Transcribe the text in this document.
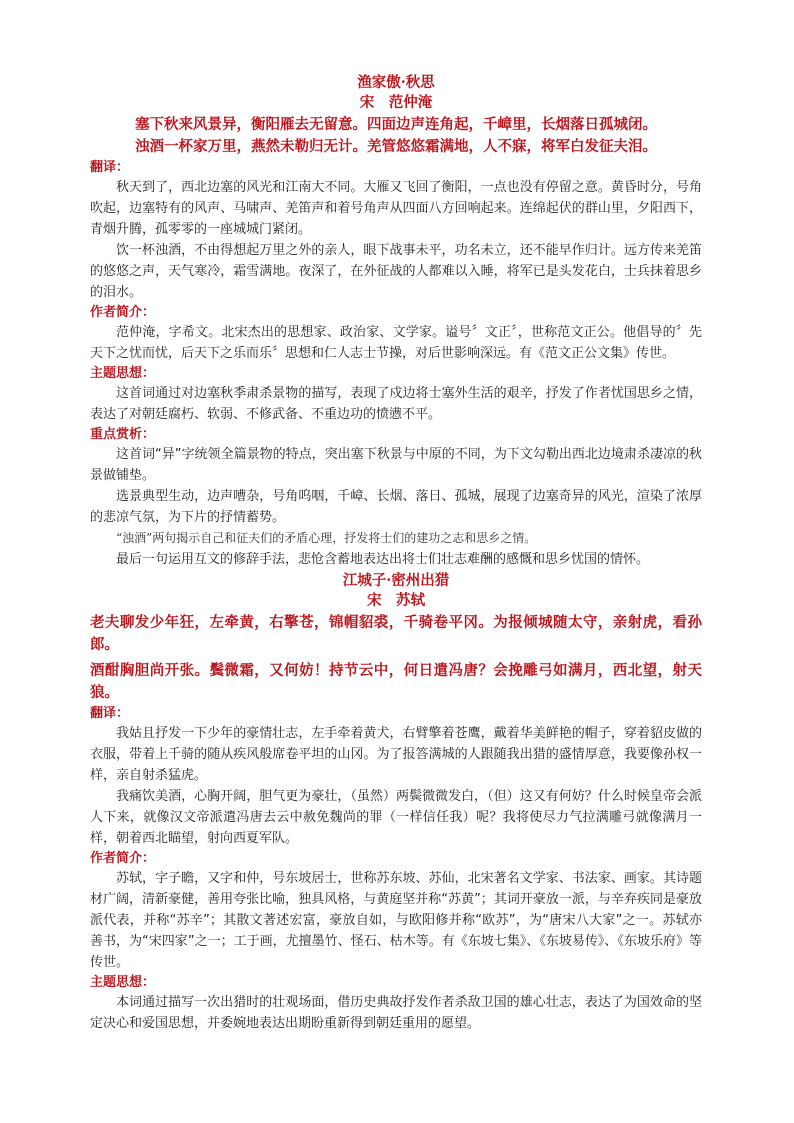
渔家傲·秋思
宋　范仲淹
塞下秋来风景异，衡阳雁去无留意。四面边声连角起，千嶂里，长烟落日孤城闭。
浊酒一杯家万里，燕然未勒归无计。羌管悠悠霜满地，人不寐，将军白发征夫泪。
翻译：

秋天到了，西北边塞的风光和江南大不同。大雁又飞回了衡阳，一点也没有停留之意。黄昏时分，号角吹起，边塞特有的风声、马啸声、羌笛声和着号角声从四面八方回响起来。连绵起伏的群山里，夕阳西下，青烟升腾，孤零零的一座城城门紧闭。

饮一杯浊酒，不由得想起万里之外的亲人，眼下战事未平，功名未立，还不能早作归计。远方传来羌笛的悠悠之声，天气寒冷，霜雪满地。夜深了，在外征战的人都难以入睡，将军已是头发花白，士兵抹着思乡的泪水。

作者简介：

范仲淹，字希文。北宋杰出的思想家、政治家、文学家。谥号〞文正〞，世称范文正公。他倡导的〞先天下之忧而忧，后天下之乐而乐〞思想和仁人志士节操，对后世影响深远。有《范文正公文集》传世。

主题思想：

这首词通过对边塞秋季肃杀景物的描写，表现了戍边将士塞外生活的艰辛，抒发了作者忧国思乡之情，表达了对朝廷腐朽、软弱、不修武备、不重边功的愤懑不平。

重点赏析：

这首词“异”字统领全篇景物的特点，突出塞下秋景与中原的不同，为下文勾勒出西北边境肃杀凄凉的秋景做铺垫。

选景典型生动，边声嘈杂，号角呜咽，千嶂、长烟、落日、孤城，展现了边塞奇异的风光，渲染了浓厚的悲凉气氛，为下片的抒情蓄势。

“浊酒”两句揭示自己和征夫们的矛盾心理，抒发将士们的建功之志和思乡之情。

最后一句运用互文的修辞手法，悲怆含蓄地表达出将士们壮志难酬的感慨和思乡忧国的情怀。

江城子·密州出猎
宋　苏轼
老夫聊发少年狂，左牵黄，右擎苍，锦帽貂裘，千骑卷平冈。为报倾城随太守，亲射虎，看孙郎。
酒酣胸胆尚开张。鬓微霜，又何妨！持节云中，何日遣冯唐？会挽雕弓如满月，西北望，射天狼。
翻译：

我姑且抒发一下少年的豪情壮志，左手牵着黄犬，右臂擎着苍鹰，戴着华美鲜艳的帽子，穿着貂皮做的衣服，带着上千骑的随从疾风般席卷平坦的山冈。为了报答满城的人跟随我出猎的盛情厚意，我要像孙权一样，亲自射杀猛虎。

我痛饮美酒，心胸开阔，胆气更为豪壮，（虽然）两鬓微微发白，（但）这又有何妨？什么时候皇帝会派人下来，就像汉文帝派遣冯唐去云中赦免魏尚的罪（一样信任我）呢？我将使尽力气拉满雕弓就像满月一样，朝着西北瞄望，射向西夏军队。

作者简介：

苏轼，字子瞻，又字和仲，号东坡居士，世称苏东坡、苏仙，北宋著名文学家、书法家、画家。其诗题材广阔，清新豪健，善用夸张比喻，独具风格，与黄庭坚并称“苏黄”；其词开豪放一派，与辛弃疾同是豪放派代表，并称“苏辛”；其散文著述宏富，豪放自如，与欧阳修并称“欧苏”，为“唐宋八大家”之一。苏轼亦善书，为“宋四家”之一；工于画，尤擅墨竹、怪石、枯木等。有《东坡七集》、《东坡易传》、《东坡乐府》等传世。

主题思想：

本词通过描写一次出猎时的壮观场面，借历史典故抒发作者杀敌卫国的雄心壮志，表达了为国效命的坚定决心和爱国思想，并委婉地表达出期盼重新得到朝廷重用的愿望。
